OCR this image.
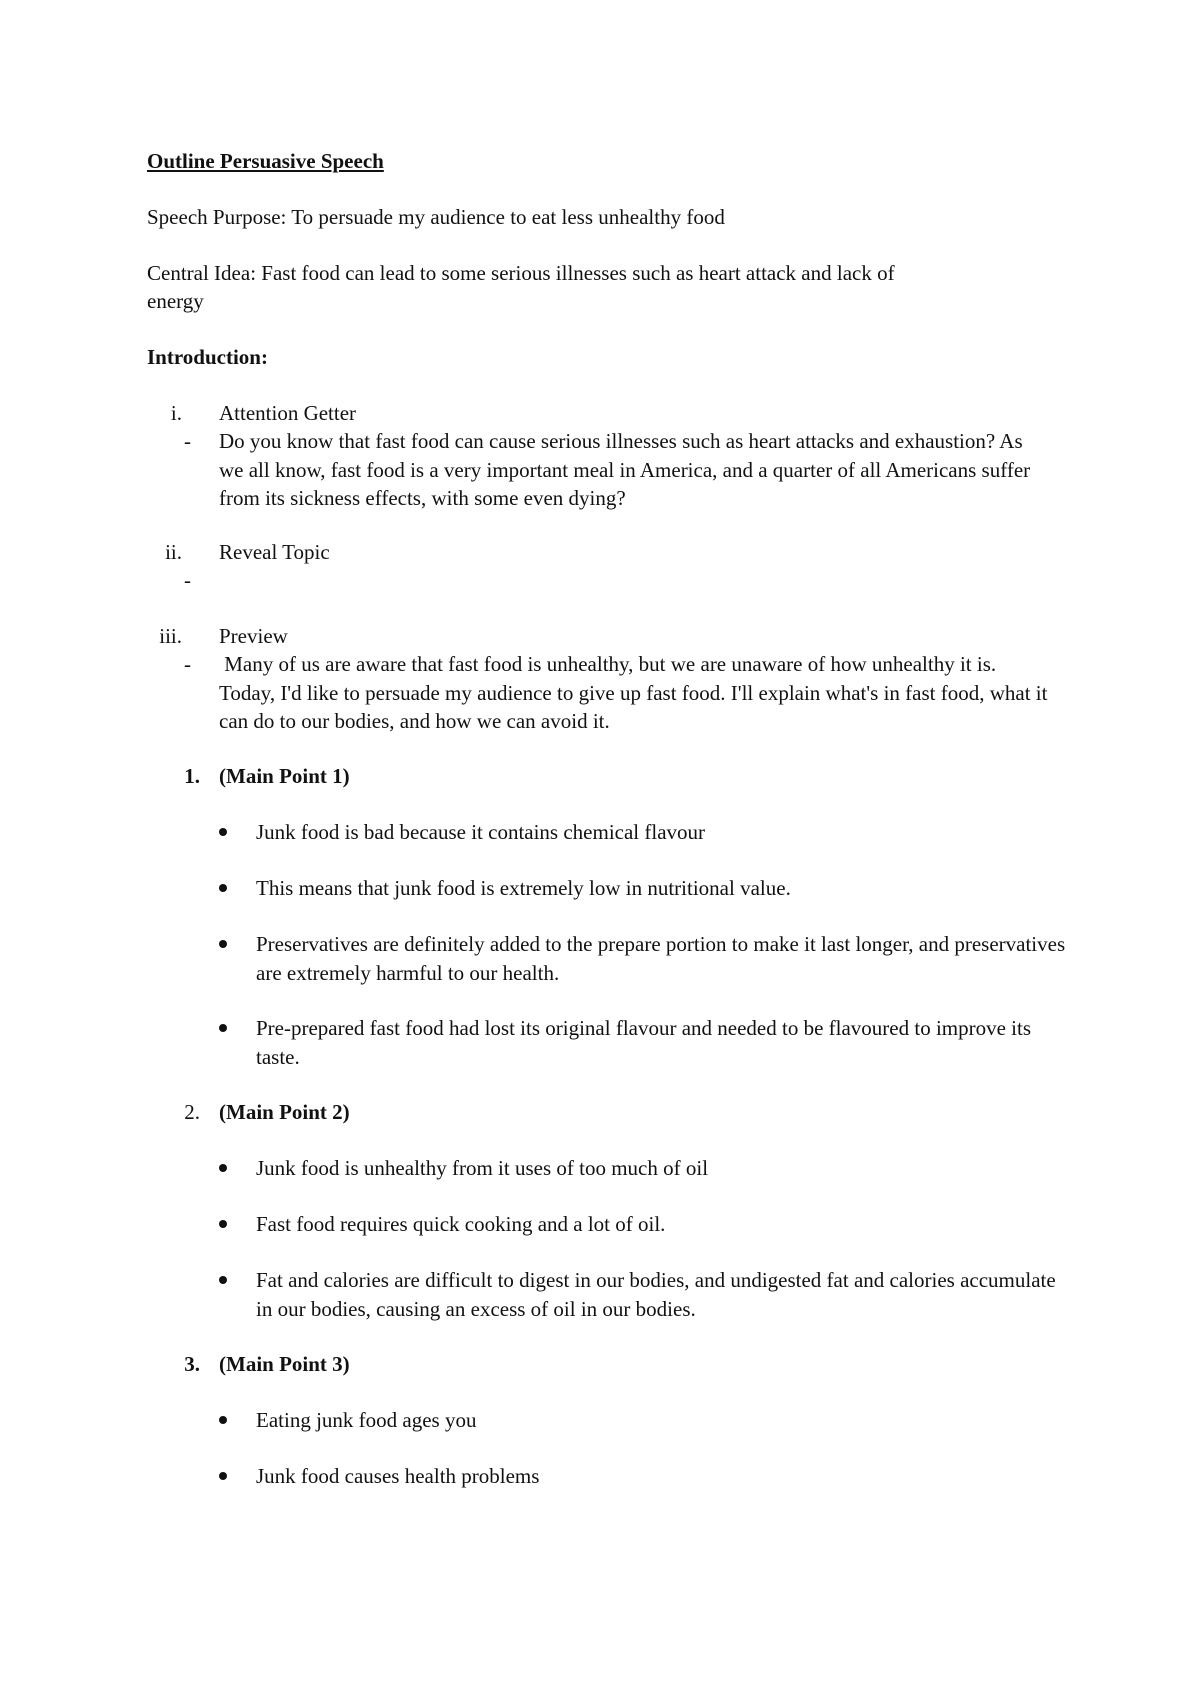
Outline Persuasive Speech
Speech Purpose: To persuade my audience to eat less unhealthy food
Central Idea: Fast food can lead to some serious illnesses such as heart attack and lack of
energy
Introduction:
i. Attention Getter
- Do you know that fast food can cause serious illnesses such as heart attacks and exhaustion? As we all know, fast food is a very important meal in America, and a quarter of all Americans suffer from its sickness effects, with some even dying?
ii. Reveal Topic
-
iii. Preview
- Many of us are aware that fast food is unhealthy, but we are unaware of how unhealthy it is. Today, I'd like to persuade my audience to give up fast food. I'll explain what's in fast food, what it can do to our bodies, and how we can avoid it.
1. (Main Point 1)
Junk food is bad because it contains chemical flavour
This means that junk food is extremely low in nutritional value.
Preservatives are definitely added to the prepare portion to make it last longer, and preservatives are extremely harmful to our health.
Pre-prepared fast food had lost its original flavour and needed to be flavoured to improve its taste.
2. (Main Point 2)
Junk food is unhealthy from it uses of too much of oil
Fast food requires quick cooking and a lot of oil.
Fat and calories are difficult to digest in our bodies, and undigested fat and calories accumulate in our bodies, causing an excess of oil in our bodies.
3. (Main Point 3)
Eating junk food ages you
Junk food causes health problems
